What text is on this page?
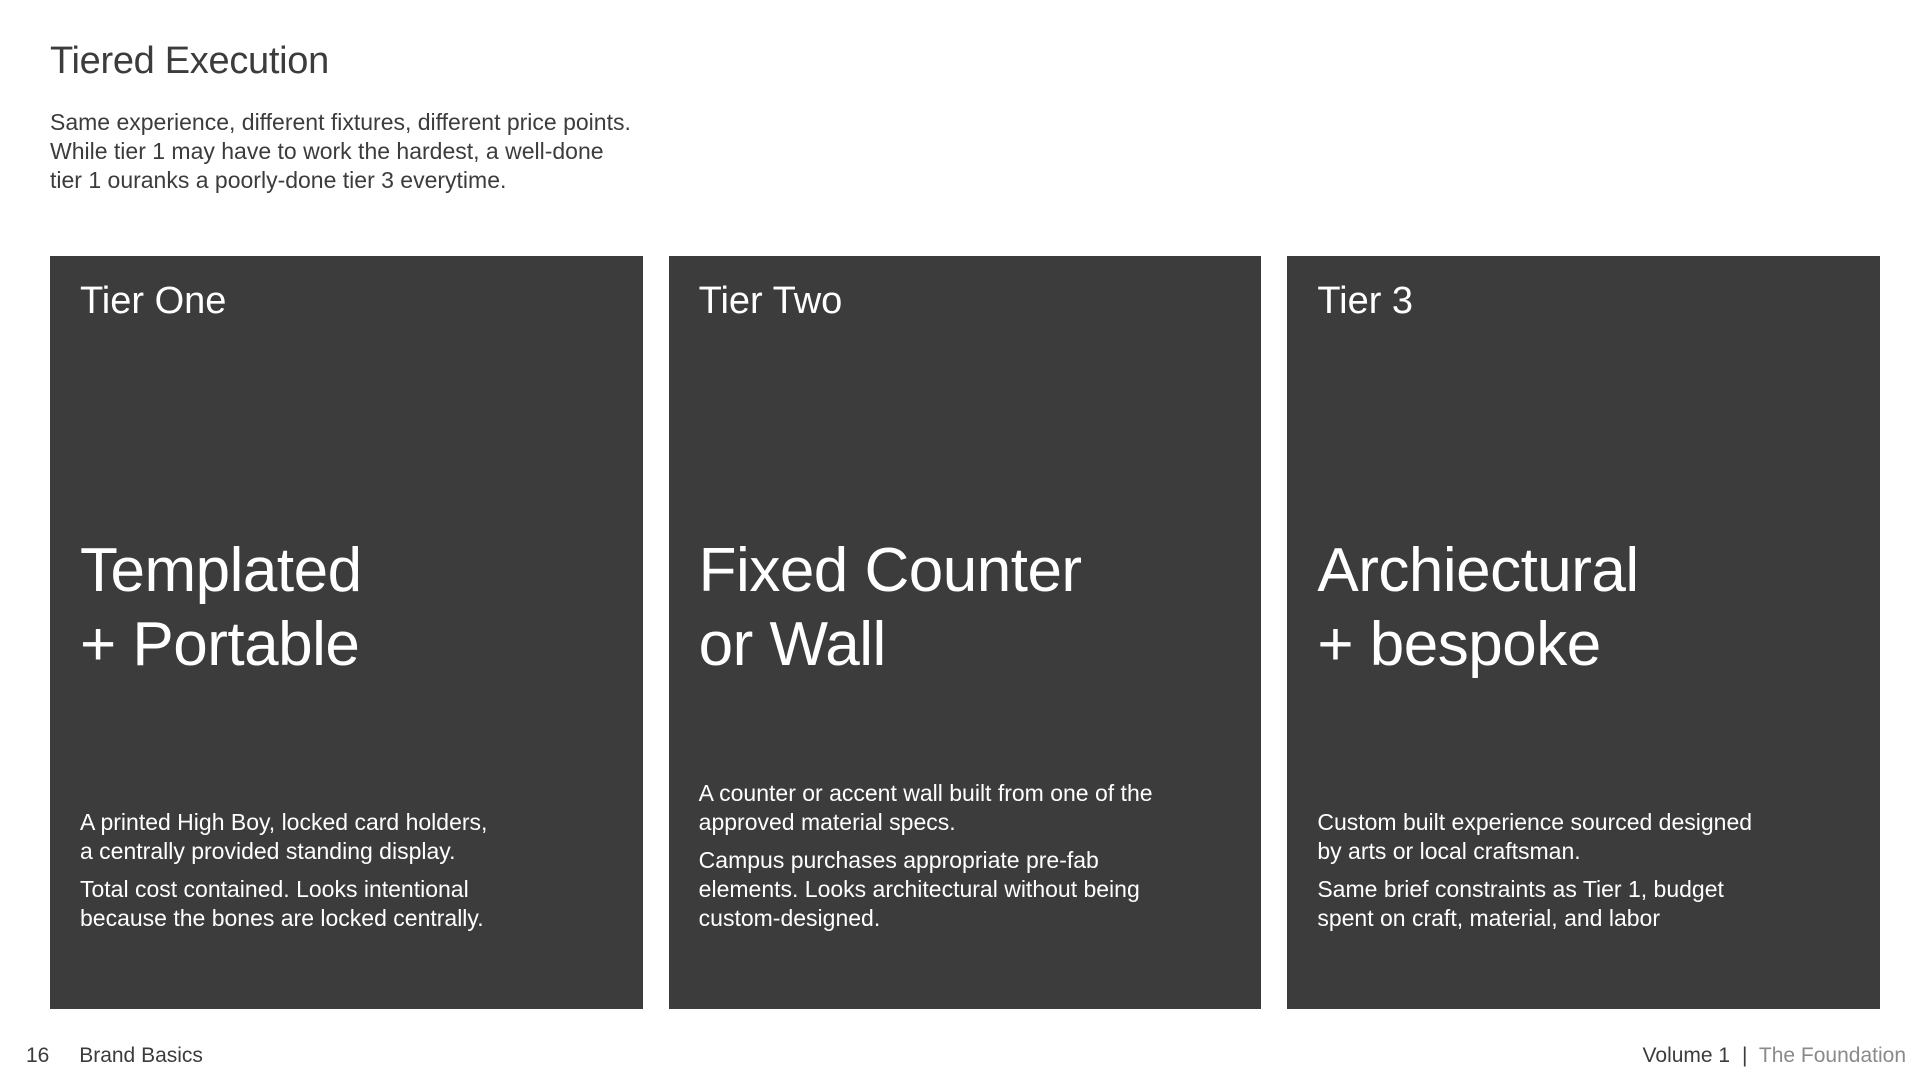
Tiered Execution
Same experience, different fixtures, different price points.
While tier 1 may have to work the hardest, a well-done
tier 1 ouranks a poorly-done tier 3 everytime.
Tier One
Templated
+ Portable

A printed High Boy, locked card holders,
a centrally provided standing display.

Total cost contained. Looks intentional
because the bones are locked centrally.

Tier Two
Fixed Counter
or Wall

A counter or accent wall built from one of the
approved material specs.

Campus purchases appropriate pre-fab
elements. Looks architectural without being
custom-designed.

Tier 3
Archiectural
+ bespoke

Custom built experience sourced designed
by arts or local craftsman.

Same brief constraints as Tier 1, budget
spent on craft, material, and labor

16 Brand Basics	Volume 1 | The Foundation
